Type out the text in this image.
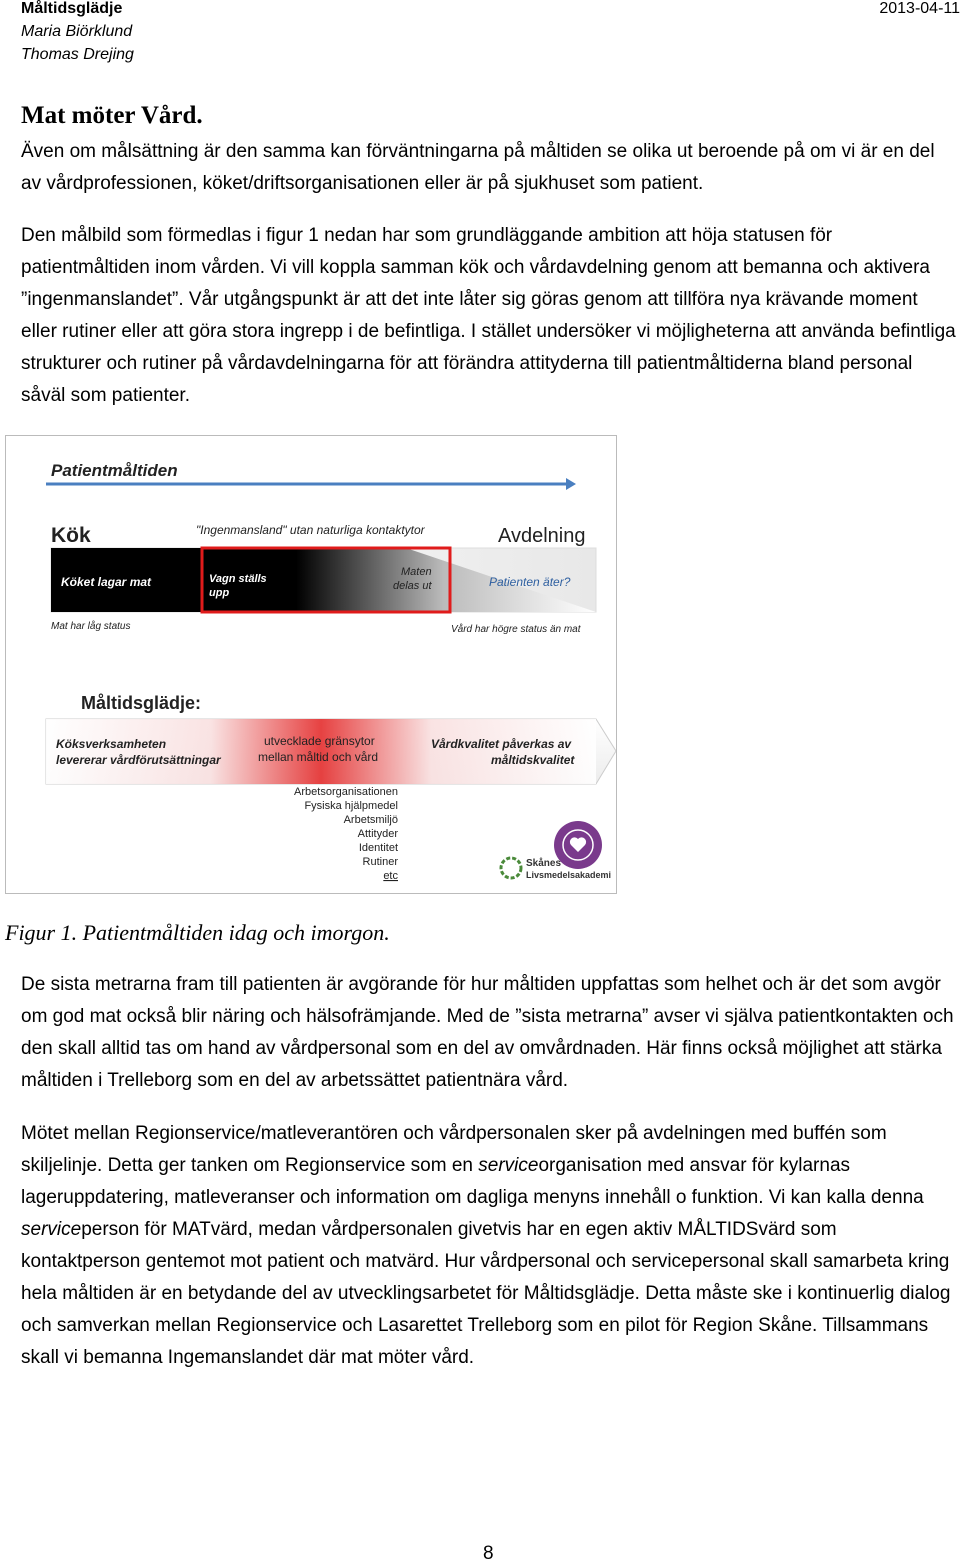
Måltidsglädje
Maria Biörklund
Thomas Drejing
2013-04-11
Mat möter Vård.

Även om målsättning är den samma kan förväntningarna på måltiden se olika ut beroende på om vi är en del av vårdprofessionen, köket/driftsorganisationen eller är på sjukhuset som patient.

Den målbild som förmedlas i figur 1 nedan har som grundläggande ambition att höja statusen för patientmåltiden inom vården. Vi vill koppla samman kök och vårdavdelning genom att bemanna och aktivera ”ingenmanslandet”. Vår utgångspunkt är att det inte låter sig göras genom att tillföra nya krävande moment eller rutiner eller att göra stora ingrepp i de befintliga. I stället undersöker vi möjligheterna att använda befintliga strukturer och rutiner på vårdavdelningarna för att förändra attityderna till patientmåltiderna bland personal såväl som patienter.

Patientmåltiden
Kök	"Ingenmansland" utan naturliga kontaktytor	Avdelning
Köket lagar mat	Vagn ställs
upp
Maten
delas ut	Patienten äter?
Mat har låg status	Vård har högre status än mat
Måltidsglädje:
Köksverksamheten
levererar vårdförutsättningar
utvecklade gränsytor
mellan måltid och vård
Vårdkvalitet påverkas av
måltidskvalitet
Arbetsorganisationen
Fysiska hjälpmedel
Arbetsmiljö
Attityder
Identitet
Rutiner
etc
Skånes
Livsmedelsakademi
Figur 1. Patientmåltiden idag och imorgon.

De sista metrarna fram till patienten är avgörande för hur måltiden uppfattas som helhet och är det som avgör om god mat också blir näring och hälsofrämjande. Med de ”sista metrarna” avser vi själva patientkontakten och den skall alltid tas om hand av vårdpersonal som en del av omvårdnaden. Här finns också möjlighet att stärka måltiden i Trelleborg som en del av arbetssättet patientnära vård.

Mötet mellan Regionservice/matleverantören och vårdpersonalen sker på avdelningen med buffén som skiljelinje. Detta ger tanken om Regionservice som en serviceorganisation med ansvar för kylarnas lageruppdatering, matleveranser och information om dagliga menyns innehåll o funktion. Vi kan kalla denna serviceperson för MATvärd, medan vårdpersonalen givetvis har en egen aktiv MÅLTIDSvärd som kontaktperson gentemot mot patient och matvärd. Hur vårdpersonal och servicepersonal skall samarbeta kring hela måltiden är en betydande del av utvecklingsarbetet för Måltidsglädje. Detta måste ske i kontinuerlig dialog och samverkan mellan Regionservice och Lasarettet Trelleborg som en pilot för Region Skåne. Tillsammans skall vi bemanna Ingemanslandet där mat möter vård.

8
